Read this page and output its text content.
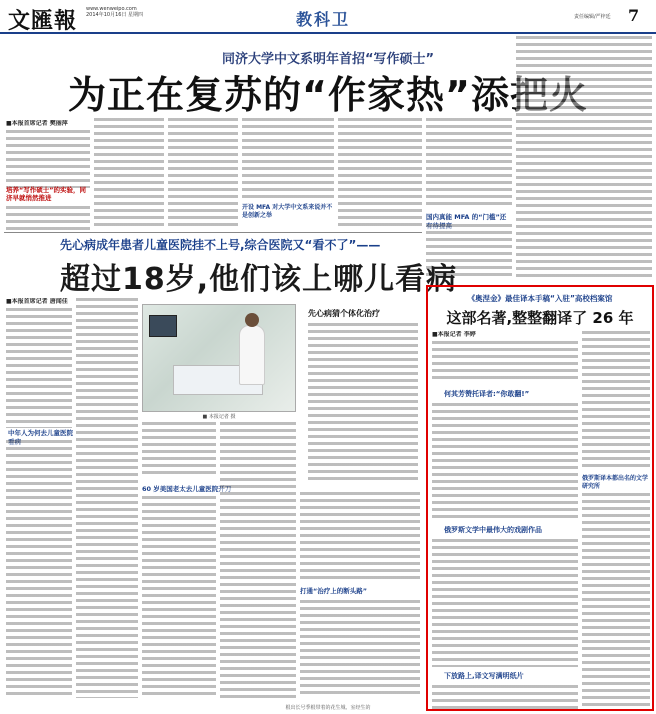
文匯報 www.wenweipo.com
2014年10月16日 星期四	教科卫	责任编辑/严梓廷 7
同济大学中文系明年首招“写作硕士”
为正在复苏的“作家热”添把火
■本报首席记者 樊丽萍
培养“写作硕士”的实验，同济早就悄然推进
开设 MFA 对大学中文系来说并不是创新之举	国内真能 MFA 的“门槛”还有待提高
先心病成年患者儿童医院挂不上号,综合医院又“看不了”——
超过18岁,他们该上哪儿看病
■本报首席记者 唐闻佳
中年人为何去儿童医院看病
■ 本报记者 摄
60 岁美国老太去儿童医院开刀
先心病猜个体化治疗
打通“治疗上的断头路”
《奥涅金》最佳译本手稿“入驻”高校档案馆
这部名著,整整翻译了 26 年
■本报记者 李婷
何其芳赞托译者:“你敢翻!”
俄罗斯文学中最伟大的戏剧作品
下放路上,译文写满明纸片
俄罗斯译本都出名的文学研究所
根出长号季根带着的花生城、室经生的
